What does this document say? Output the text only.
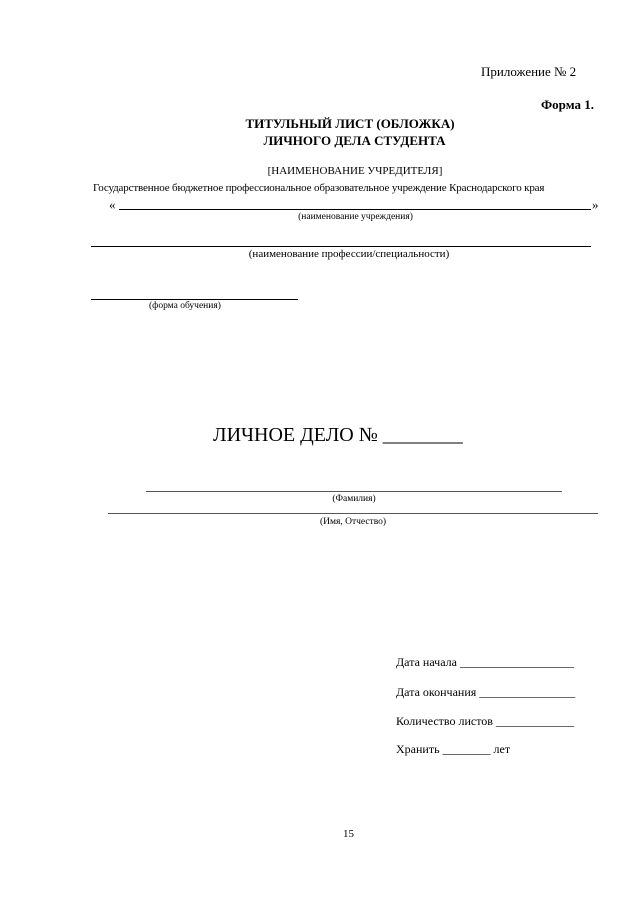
Приложение № 2
Форма 1.
ТИТУЛЬНЫЙ ЛИСТ (ОБЛОЖКА)
ЛИЧНОГО ДЕЛА СТУДЕНТА
[НАИМЕНОВАНИЕ УЧРЕДИТЕЛЯ]
Государственное бюджетное профессиональное образовательное учреждение Краснодарского края
«	»
(наименование учреждения)
(наименование профессии/специальности)
(форма обучения)
ЛИЧНОЕ ДЕЛО № ________
(Фамилия)
(Имя, Отчество)
Дата начала ___________________
Дата окончания ________________
Количество листов _____________
Хранить ________ лет
15
